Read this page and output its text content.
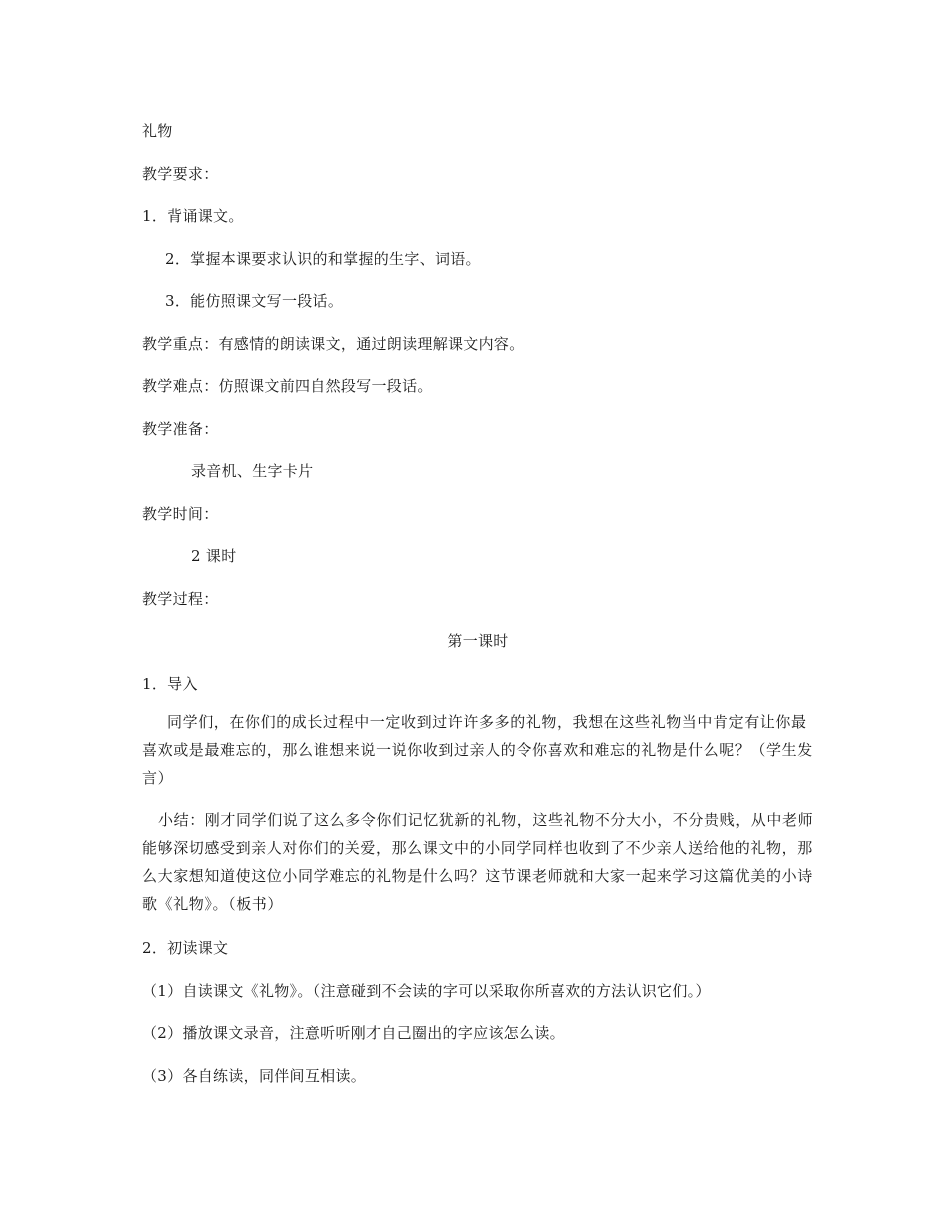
礼物
教学要求：
1．背诵课文。
2．掌握本课要求认识的和掌握的生字、词语。
3．能仿照课文写一段话。
教学重点：有感情的朗读课文，通过朗读理解课文内容。
教学难点：仿照课文前四自然段写一段话。
教学准备：
录音机、生字卡片
教学时间：
2 课时
教学过程：
第一课时
1．导入
同学们，在你们的成长过程中一定收到过许许多多的礼物，我想在这些礼物当中肯定有让你最喜欢或是最难忘的，那么谁想来说一说你收到过亲人的令你喜欢和难忘的礼物是什么呢？（学生发言）
小结：刚才同学们说了这么多令你们记忆犹新的礼物，这些礼物不分大小，不分贵贱，从中老师能够深切感受到亲人对你们的关爱，那么课文中的小同学同样也收到了不少亲人送给他的礼物，那么大家想知道使这位小同学难忘的礼物是什么吗？这节课老师就和大家一起来学习这篇优美的小诗歌《礼物》。（板书）
2．初读课文
（1）自读课文《礼物》。（注意碰到不会读的字可以采取你所喜欢的方法认识它们。）
（2）播放课文录音，注意听听刚才自己圈出的字应该怎么读。
（3）各自练读，同伴间互相读。
